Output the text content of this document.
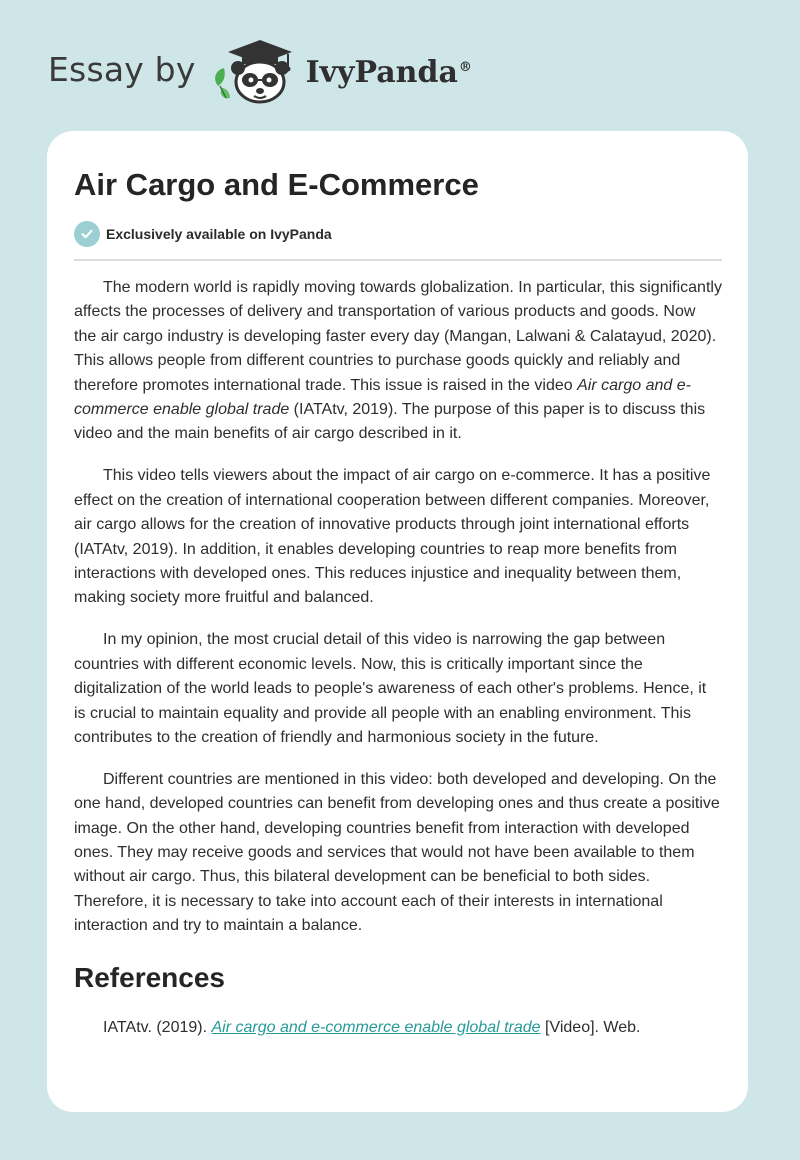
Essay by	IvyPanda®
Air Cargo and E-Commerce
Exclusively available on IvyPanda

The modern world is rapidly moving towards globalization. In particular, this significantly affects the processes of delivery and transportation of various products and goods. Now the air cargo industry is developing faster every day (Mangan, Lalwani & Calatayud, 2020). This allows people from different countries to purchase goods quickly and reliably and therefore promotes international trade. This issue is raised in the video Air cargo and e-commerce enable global trade (IATAtv, 2019). The purpose of this paper is to discuss this video and the main benefits of air cargo described in it.

This video tells viewers about the impact of air cargo on e-commerce. It has a positive effect on the creation of international cooperation between different companies. Moreover, air cargo allows for the creation of innovative products through joint international efforts (IATAtv, 2019). In addition, it enables developing countries to reap more benefits from interactions with developed ones. This reduces injustice and inequality between them, making society more fruitful and balanced.

In my opinion, the most crucial detail of this video is narrowing the gap between countries with different economic levels. Now, this is critically important since the digitalization of the world leads to people's awareness of each other's problems. Hence, it is crucial to maintain equality and provide all people with an enabling environment. This contributes to the creation of friendly and harmonious society in the future.

Different countries are mentioned in this video: both developed and developing. On the one hand, developed countries can benefit from developing ones and thus create a positive image. On the other hand, developing countries benefit from interaction with developed ones. They may receive goods and services that would not have been available to them without air cargo. Thus, this bilateral development can be beneficial to both sides. Therefore, it is necessary to take into account each of their interests in international interaction and try to maintain a balance.

References
IATAtv. (2019). Air cargo and e-commerce enable global trade [Video]. Web.
